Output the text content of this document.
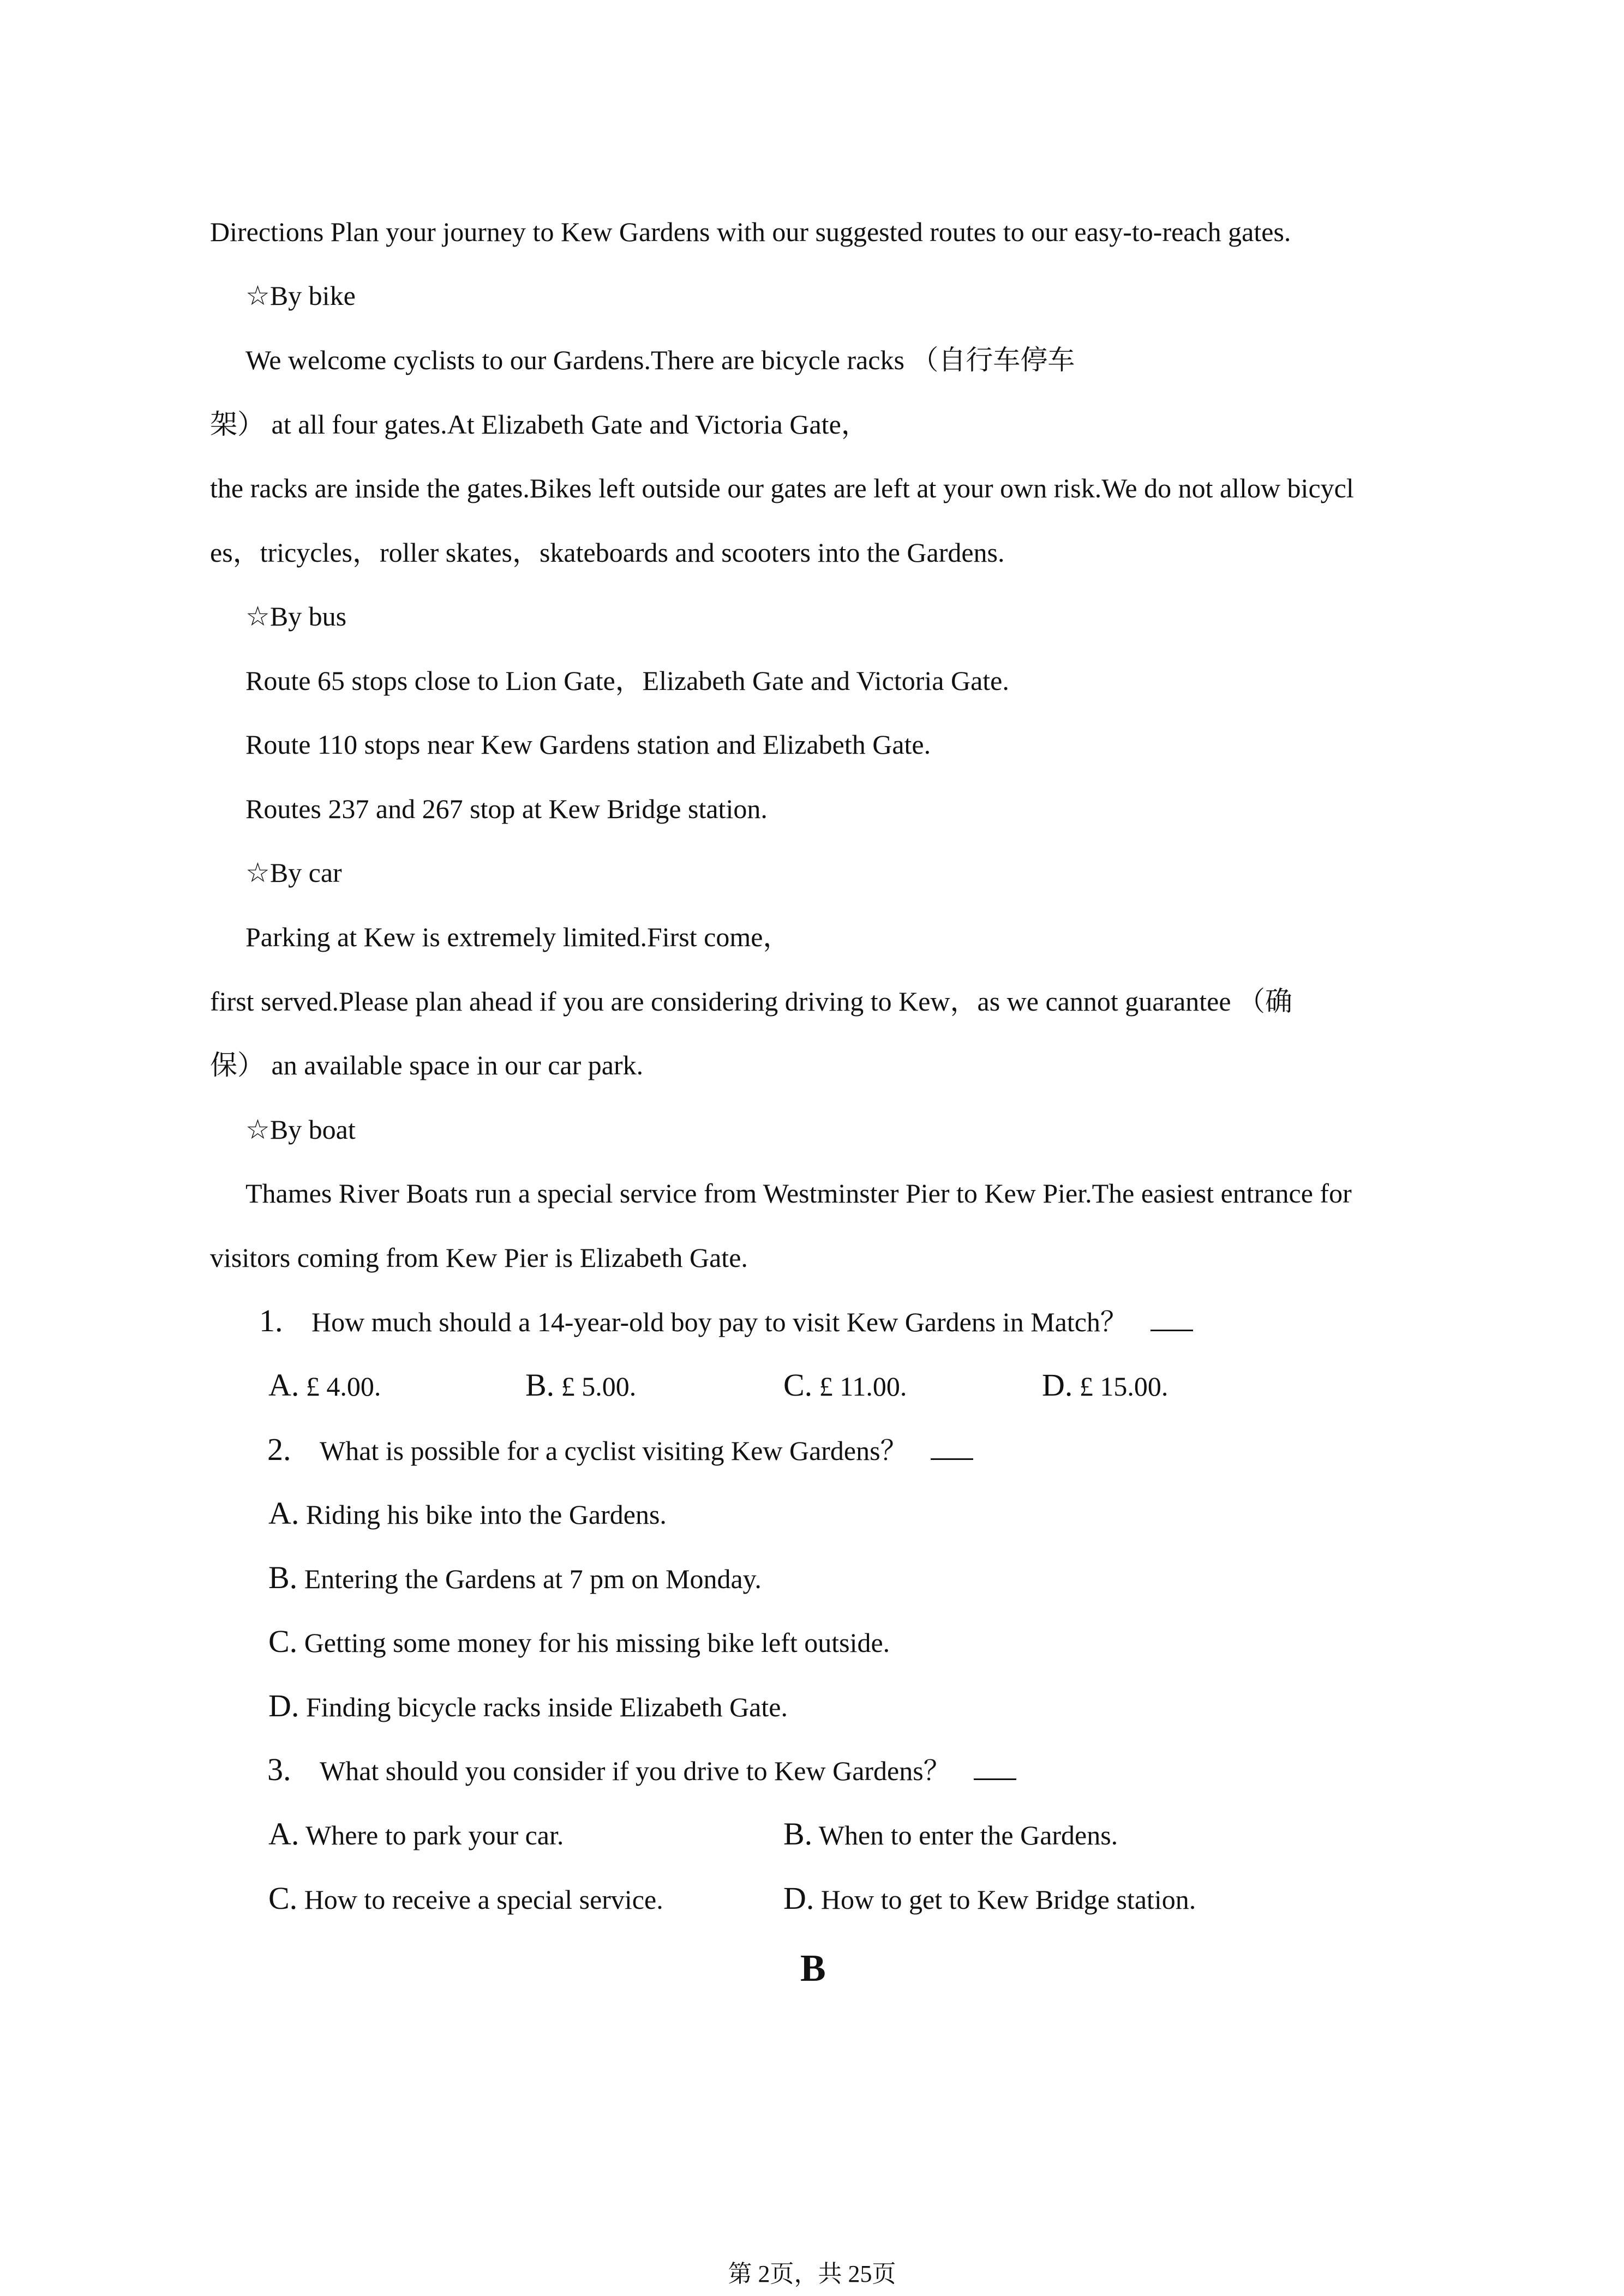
Directions Plan your journey to Kew Gardens with our suggested routes to our easy-to-reach gates.
☆By bike
We welcome cyclists to our Gardens.There are bicycle racks （自行车停车
架） at all four gates.At Elizabeth Gate and Victoria Gate，
the racks are inside the gates.Bikes left outside our gates are left at your own risk.We do not allow bicycl
es，tricycles，roller skates，skateboards and scooters into the Gardens.
☆By bus
Route 65 stops close to Lion Gate，Elizabeth Gate and Victoria Gate.
Route 110 stops near Kew Gardens station and Elizabeth Gate.
Routes 237 and 267 stop at Kew Bridge station.
☆By car
Parking at Kew is extremely limited.First come，
first served.Please plan ahead if you are considering driving to Kew，as we cannot guarantee （确
保） an available space in our car park.
☆By boat
Thames River Boats run a special service from Westminster Pier to Kew Pier.The easiest entrance for
visitors coming from Kew Pier is Elizabeth Gate.
1. How much should a 14-year-old boy pay to visit Kew Gardens in Match？
A. £ 4.00.	B. £ 5.00.	C. £ 11.00.	D. £ 15.00.
2. What is possible for a cyclist visiting Kew Gardens？
A. Riding his bike into the Gardens.
B. Entering the Gardens at 7 pm on Monday.
C. Getting some money for his missing bike left outside.
D. Finding bicycle racks inside Elizabeth Gate.
3. What should you consider if you drive to Kew Gardens？
A. Where to park your car.	B. When to enter the Gardens.
C. How to receive a special service.	D. How to get to Kew Bridge station.
B
第 2页，共 25页
